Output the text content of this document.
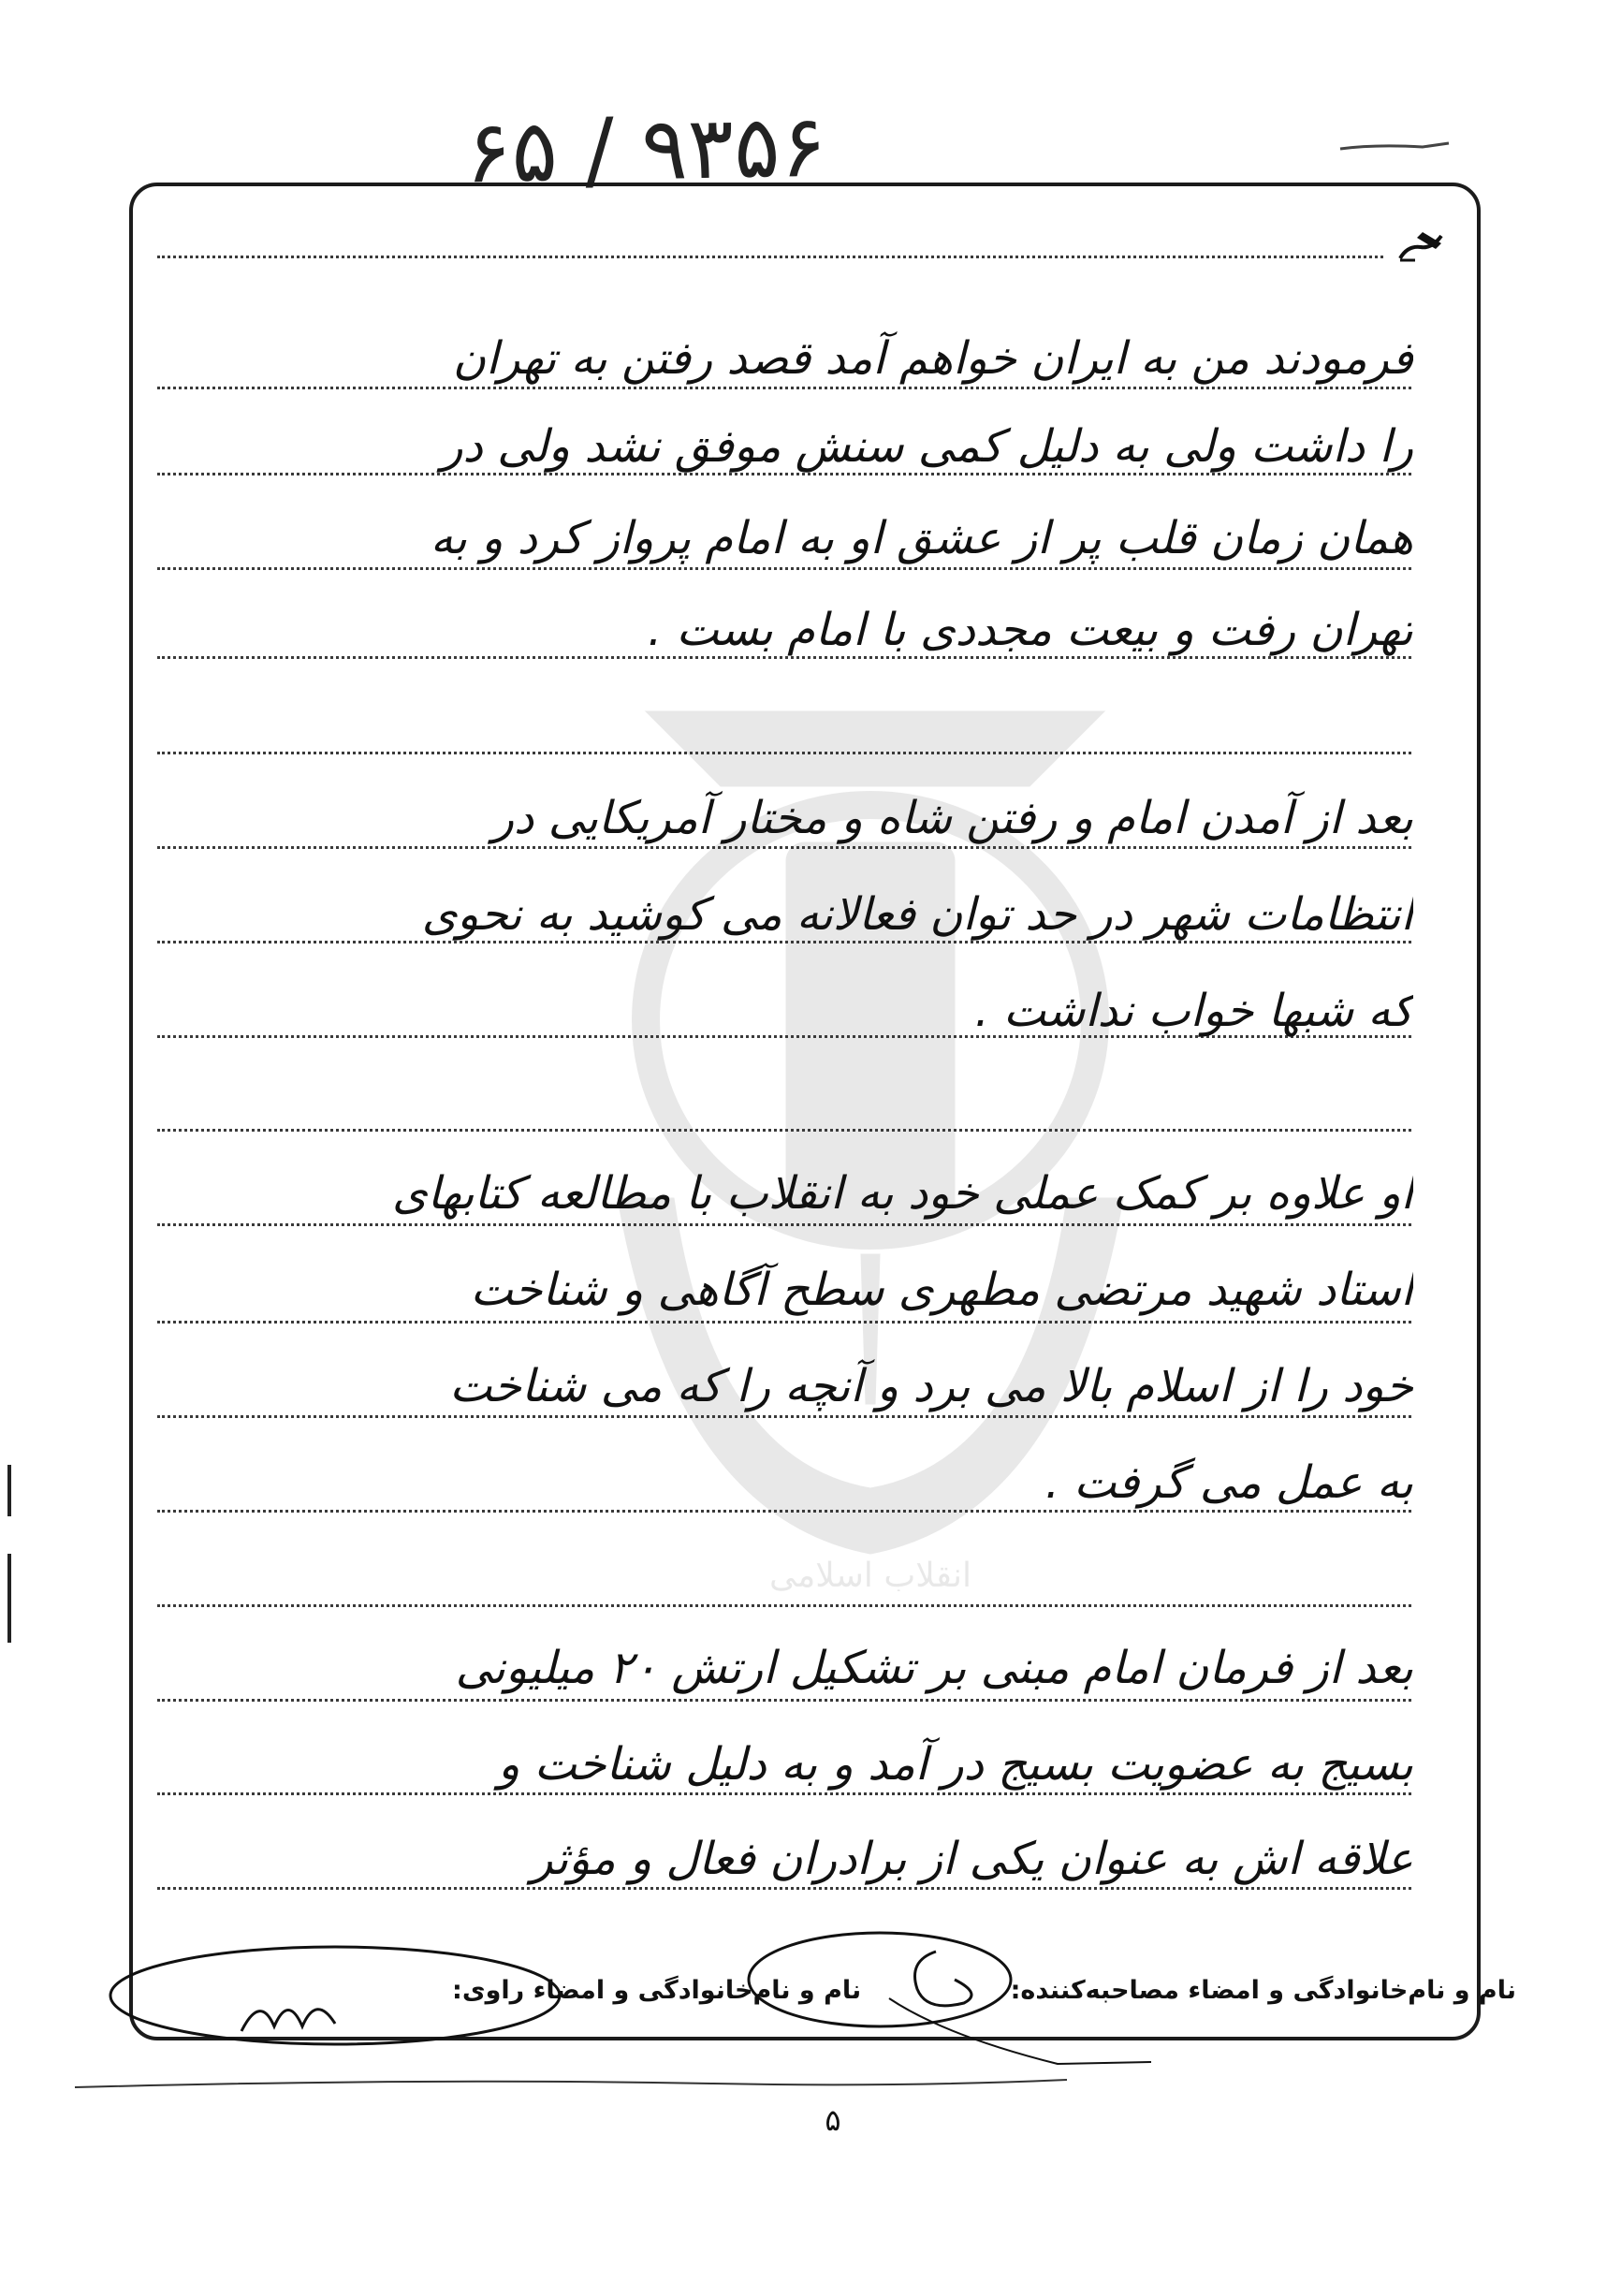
۶۵ / ۹۳۵۶
انقلاب اسلامی
فرمودند من به ایران خواهم آمد قصد رفتن به تهران
را داشت ولی به دلیل کمی سنش موفق نشد ولی در
همان زمان قلب پر از عشق او به امام پرواز کرد و به
تهران رفت و بیعت مجددی با امام بست .
بعد از آمدن امام و رفتن شاه و مختار آمریکایی در
انتظامات شهر در حد توان فعالانه می کوشید به نحوی
که شبها خواب نداشت .
او علاوه بر کمک عملی خود به انقلاب با مطالعه کتابهای
استاد شهید مرتضی مطهری سطح آگاهی و شناخت
خود را از اسلام بالا می برد و آنچه را که می شناخت
به عمل می گرفت .
بعد از فرمان امام مبنی بر تشکیل ارتش ۲۰ میلیونی
بسیج به عضویت بسیج در آمد و به دلیل شناخت و
علاقه اش به عنوان یکی از برادران فعال و مؤثر
نام و نام‌خانوادگی و امضاء مصاحبه‌کننده: نام و نام‌خانوادگی و امضاء راوی:
۵
